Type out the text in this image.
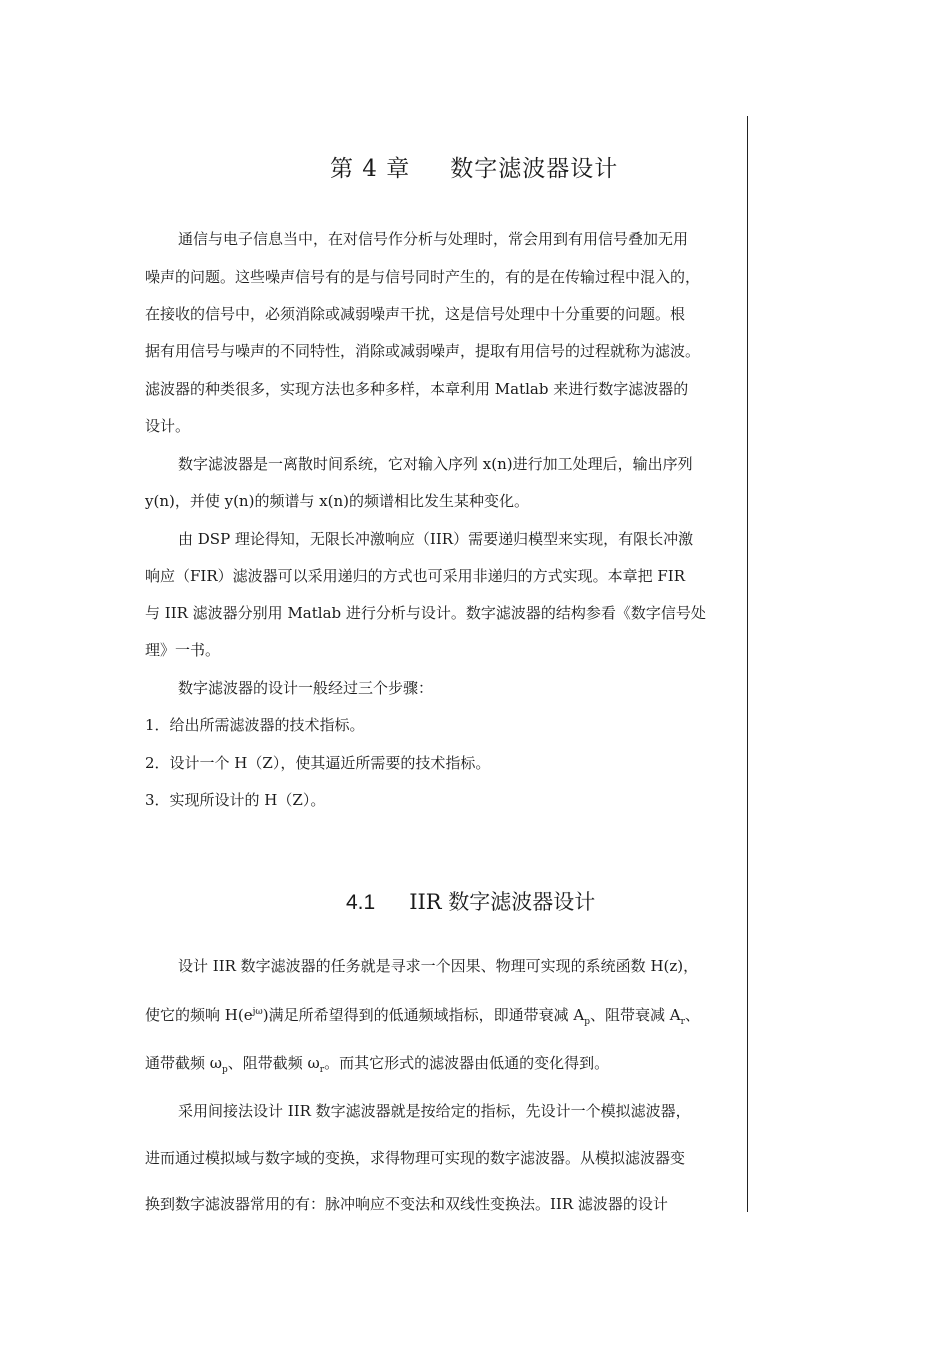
第 4 章 数字滤波器设计
通信与电子信息当中，在对信号作分析与处理时，常会用到有用信号叠加无用
噪声的问题。这些噪声信号有的是与信号同时产生的，有的是在传输过程中混入的，
在接收的信号中，必须消除或减弱噪声干扰，这是信号处理中十分重要的问题。根
据有用信号与噪声的不同特性，消除或减弱噪声，提取有用信号的过程就称为滤波。
滤波器的种类很多，实现方法也多种多样，本章利用 Matlab 来进行数字滤波器的
设计。
数字滤波器是一离散时间系统，它对输入序列 x(n)进行加工处理后，输出序列
y(n)，并使 y(n)的频谱与 x(n)的频谱相比发生某种变化。
由 DSP 理论得知，无限长冲激响应（IIR）需要递归模型来实现，有限长冲激
响应（FIR）滤波器可以采用递归的方式也可采用非递归的方式实现。本章把 FIR
与 IIR 滤波器分别用 Matlab 进行分析与设计。数字滤波器的结构参看《数字信号处
理》一书。
数字滤波器的设计一般经过三个步骤：
1．给出所需滤波器的技术指标。
2．设计一个 H（Z），使其逼近所需要的技术指标。
3．实现所设计的 H（Z）。
4.1 IIR 数字滤波器设计
设计 IIR 数字滤波器的任务就是寻求一个因果、物理可实现的系统函数 H(z)，
使它的频响 $H(e^{j\omega})$满足所希望得到的低通频域指标，即通带衰减 $A_p$、阻带衰减 $A_r$、
通带截频 $\omega_p$、阻带截频 $\omega_r$。而其它形式的滤波器由低通的变化得到。
采用间接法设计 IIR 数字滤波器就是按给定的指标，先设计一个模拟滤波器，
进而通过模拟域与数字域的变换，求得物理可实现的数字滤波器。从模拟滤波器变
换到数字滤波器常用的有：脉冲响应不变法和双线性变换法。IIR 滤波器的设计
